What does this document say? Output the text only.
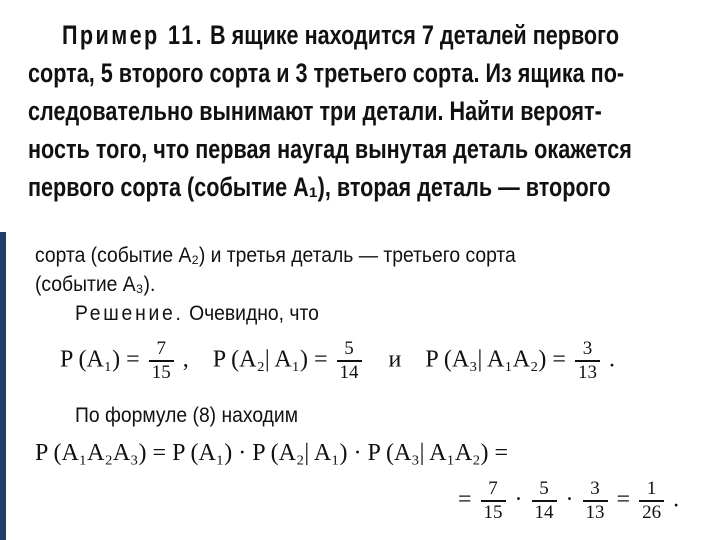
Пример 11. В ящике находится 7 деталей первого
сорта, 5 второго сорта и 3 третьего сорта. Из ящика по-
следовательно вынимают три детали. Найти вероят-
ность того, что первая наугад вынутая деталь окажется
первого сорта (событие A₁), вторая деталь — второго
сорта (событие A₂) и третья деталь — третьего сорта
(событие A₃).
Решение. Очевидно, что
P $(A_1) = \frac{7}{15}$ , P (A₂| $A_1) = \frac{5}{14}$ и P (A₃| $A_1A_2) = \frac{3}{13}$ .
По формуле (8) находим
P (A₁A₂A₃) = P (A₁) · P (A₂| A₁) · P (A₃| A₁A₂) =
= $\frac{7}{15} \cdot \frac{5}{14} \cdot \frac{3}{13} = \frac{1}{26}$ .
